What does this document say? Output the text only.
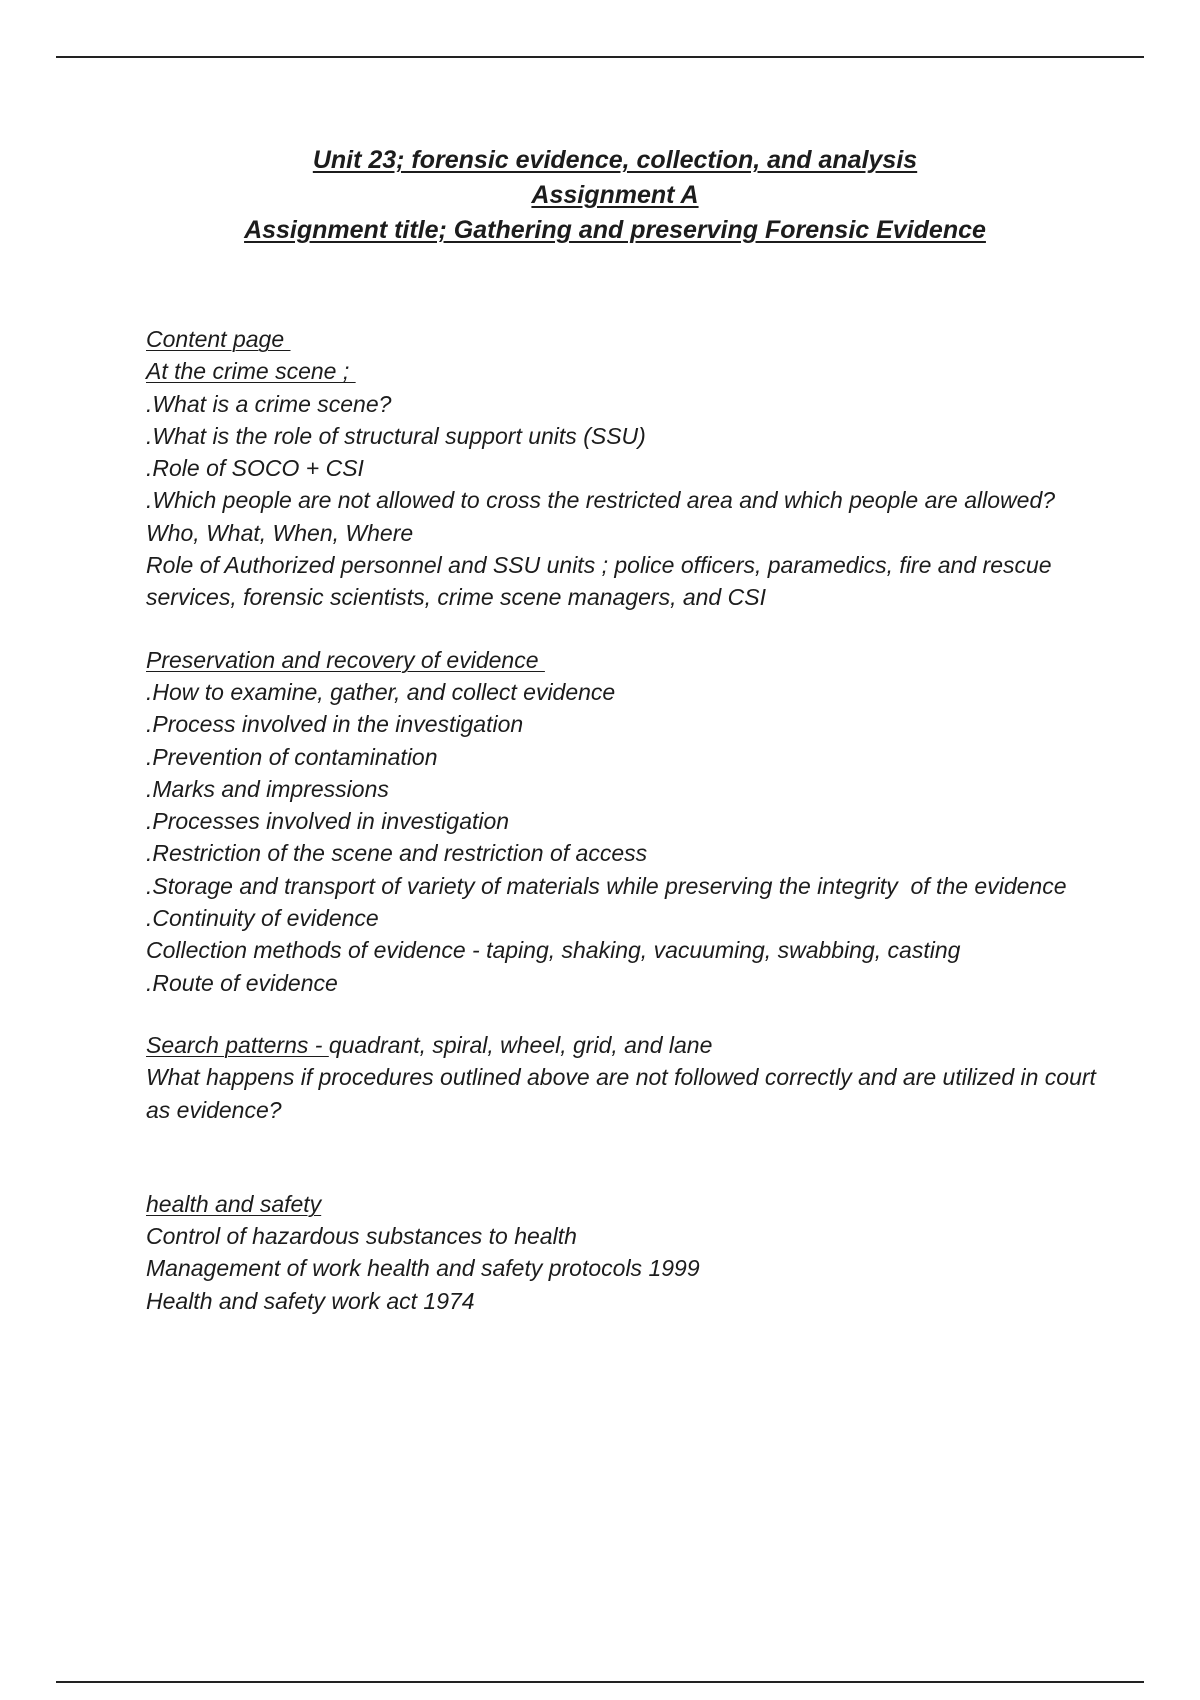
Unit 23; forensic evidence, collection, and analysis
Assignment A
Assignment title; Gathering and preserving Forensic Evidence
Content page
At the crime scene ;
.What is a crime scene?
.What is the role of structural support units (SSU)
.Role of SOCO + CSI
.Which people are not allowed to cross the restricted area and which people are allowed?
Who, What, When, Where
Role of Authorized personnel and SSU units ; police officers, paramedics, fire and rescue services, forensic scientists, crime scene managers, and CSI
Preservation and recovery of evidence
.How to examine, gather, and collect evidence
.Process involved in the investigation
.Prevention of contamination
.Marks and impressions
.Processes involved in investigation
.Restriction of the scene and restriction of access
.Storage and transport of variety of materials while preserving the integrity  of the evidence
.Continuity of evidence
Collection methods of evidence - taping, shaking, vacuuming, swabbing, casting
.Route of evidence
Search patterns - quadrant, spiral, wheel, grid, and lane
What happens if procedures outlined above are not followed correctly and are utilized in court as evidence?
health and safety
Control of hazardous substances to health
Management of work health and safety protocols 1999
Health and safety work act 1974
